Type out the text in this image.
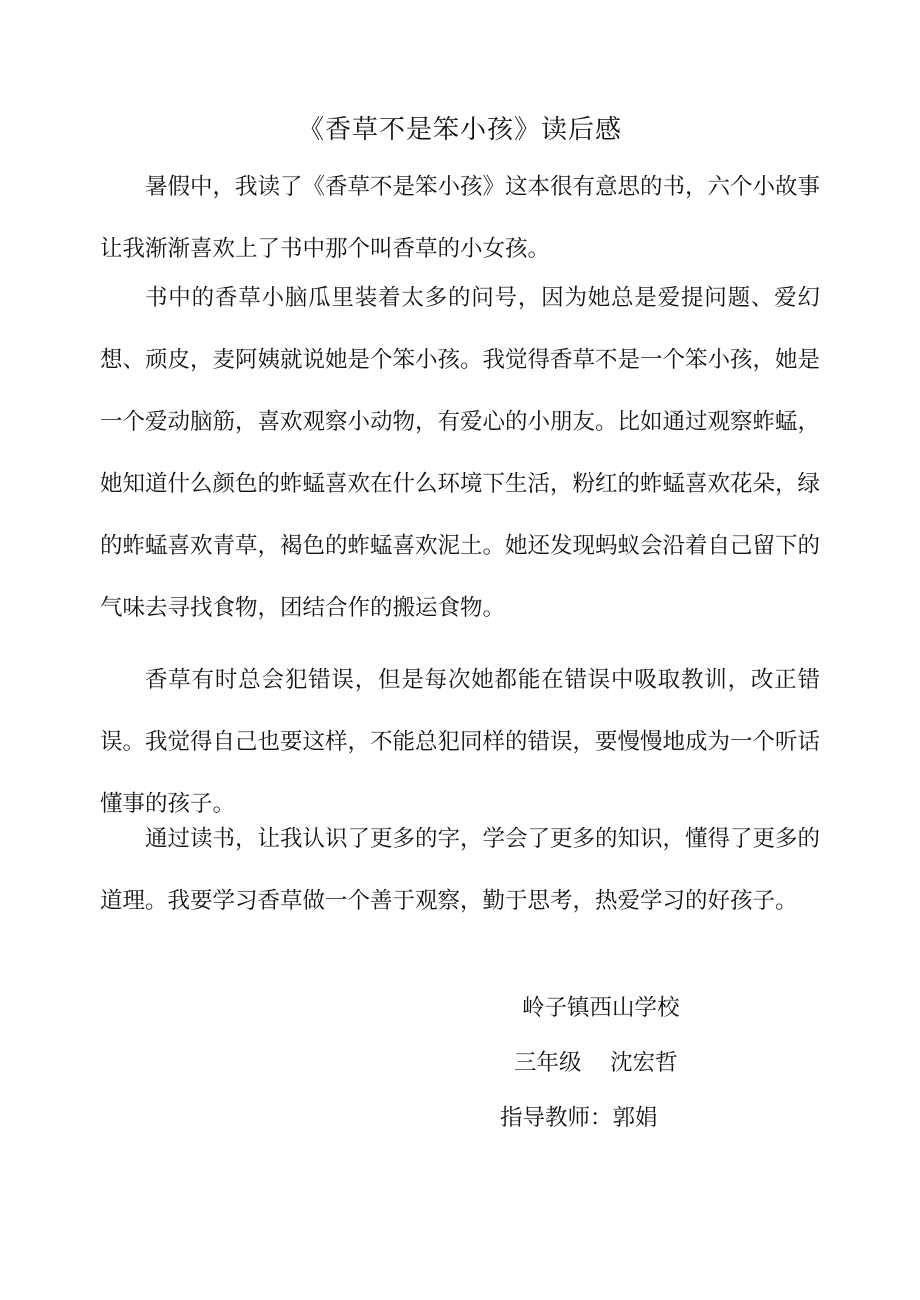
《香草不是笨小孩》读后感

暑假中，我读了《香草不是笨小孩》这本很有意思的书，六个小故事让我渐渐喜欢上了书中那个叫香草的小女孩。

书中的香草小脑瓜里装着太多的问号，因为她总是爱提问题、爱幻想、顽皮，麦阿姨就说她是个笨小孩。我觉得香草不是一个笨小孩，她是一个爱动脑筋，喜欢观察小动物，有爱心的小朋友。比如通过观察蚱蜢，她知道什么颜色的蚱蜢喜欢在什么环境下生活，粉红的蚱蜢喜欢花朵，绿的蚱蜢喜欢青草，褐色的蚱蜢喜欢泥土。她还发现蚂蚁会沿着自己留下的气味去寻找食物，团结合作的搬运食物。

香草有时总会犯错误，但是每次她都能在错误中吸取教训，改正错误。我觉得自己也要这样，不能总犯同样的错误，要慢慢地成为一个听话懂事的孩子。

通过读书，让我认识了更多的字，学会了更多的知识，懂得了更多的道理。我要学习香草做一个善于观察，勤于思考，热爱学习的好孩子。

岭子镇西山学校
三年级    沈宏哲
指导教师：郭娟
